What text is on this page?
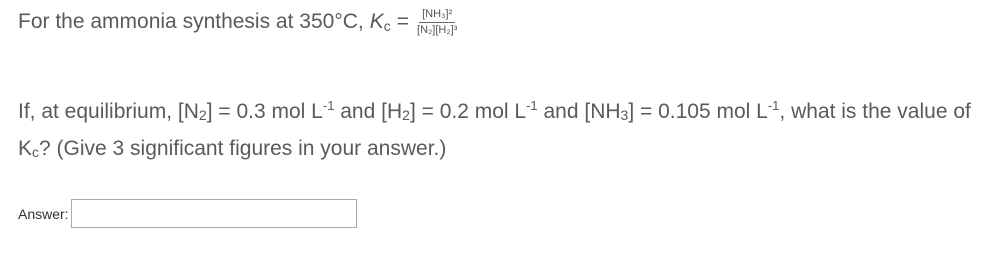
For the ammonia synthesis at 350°C, $K_c = \frac{\text{[NH₃]²}}{\text{[N₂][H₂]³}}$
If, at equilibrium, $[N_2] = 0.3$ mol $L^{-1}$ and $[H_2] = 0.2$ mol $L^{-1}$ and $[NH_3] = 0.105$ mol $L^{-1}$, what is the value of $K_c$? (Give 3 significant figures in your answer.)
Answer:
